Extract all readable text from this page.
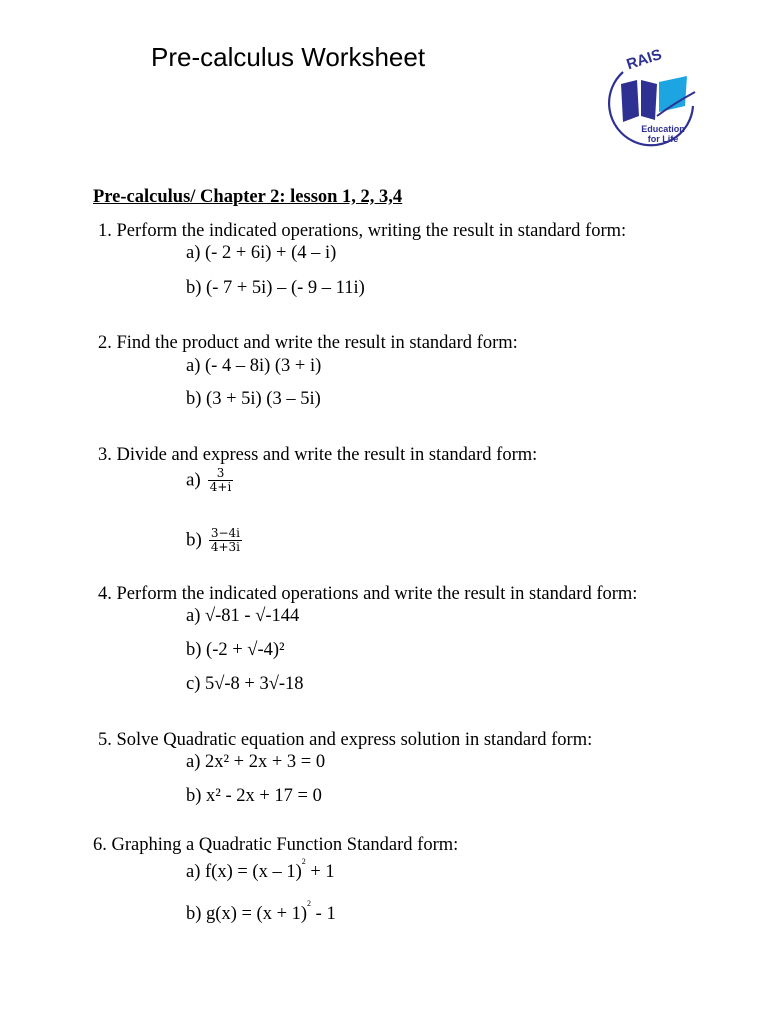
Pre-calculus Worksheet	RAIS
Education
for Life
Pre-calculus/ Chapter 2: lesson 1, 2, 3,4
1. Perform the indicated operations, writing the result in standard form:
a) (- 2 + 6i) + (4 – i)
b) (- 7 + 5i) – (- 9 – 11i)
2. Find the product and write the result in standard form:
a) (- 4 – 8i) (3 + i)
b) (3 + 5i) (3 – 5i)
3. Divide and express and write the result in standard form:
$a) \frac{3}{4+i}$
$b) \frac{3-4i}{4+3i}$
4. Perform the indicated operations and write the result in standard form:
a) √-81 - √-144
b) (-2 + √-4)²
c) 5√-8 + 3√-18
5. Solve Quadratic equation and express solution in standard form:
a) 2x² + 2x + 3 = 0
b) x² - 2x + 17 = 0
6. Graphing a Quadratic Function Standard form:
a) f(x) = (x – 1)$^2$ + 1
b) $g(x) = (x + 1)^2 - 1$
